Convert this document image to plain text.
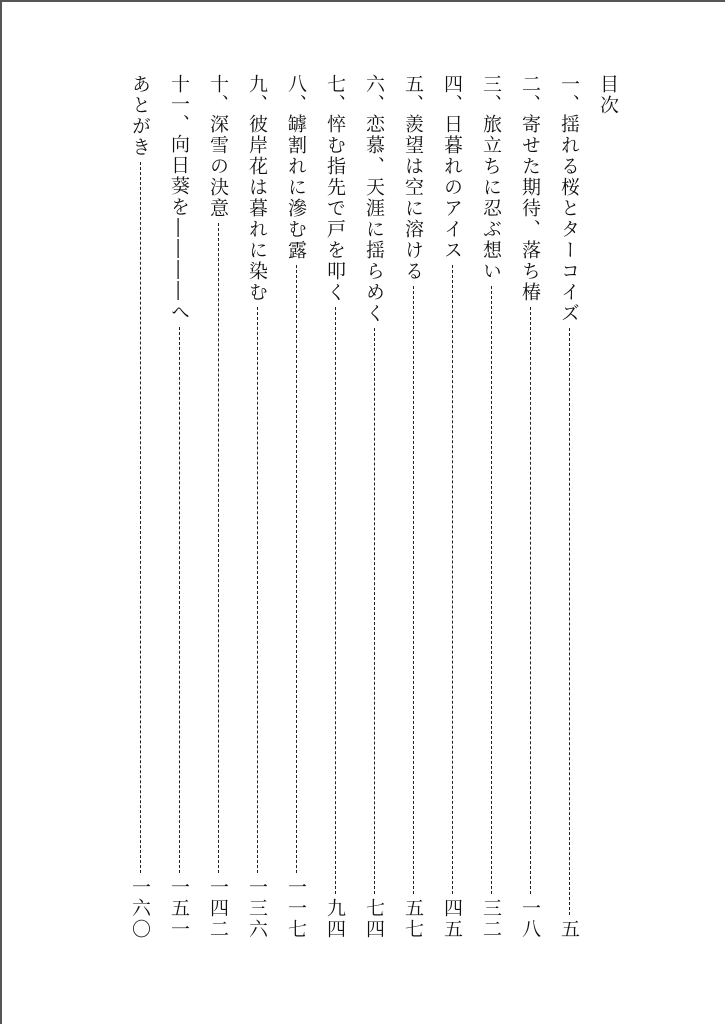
目次
一、
揺れる桜とターコイズ
五
二、
寄せた期待、落ち椿
一八
三、
旅立ちに忍ぶ想い
三二
四、
日暮れのアイス
四五
五、
羨望は空に溶ける
五七
六、
恋慕、天涯に揺らめく
七四
七、
悴む指先で戸を叩く
九四
八、
罅割れに滲む露
一一七
九、
彼岸花は暮れに染む
一三六
十、
深雪の決意
一四二
十一、
向日葵を――――へ
一五一
あとがき
一六〇
